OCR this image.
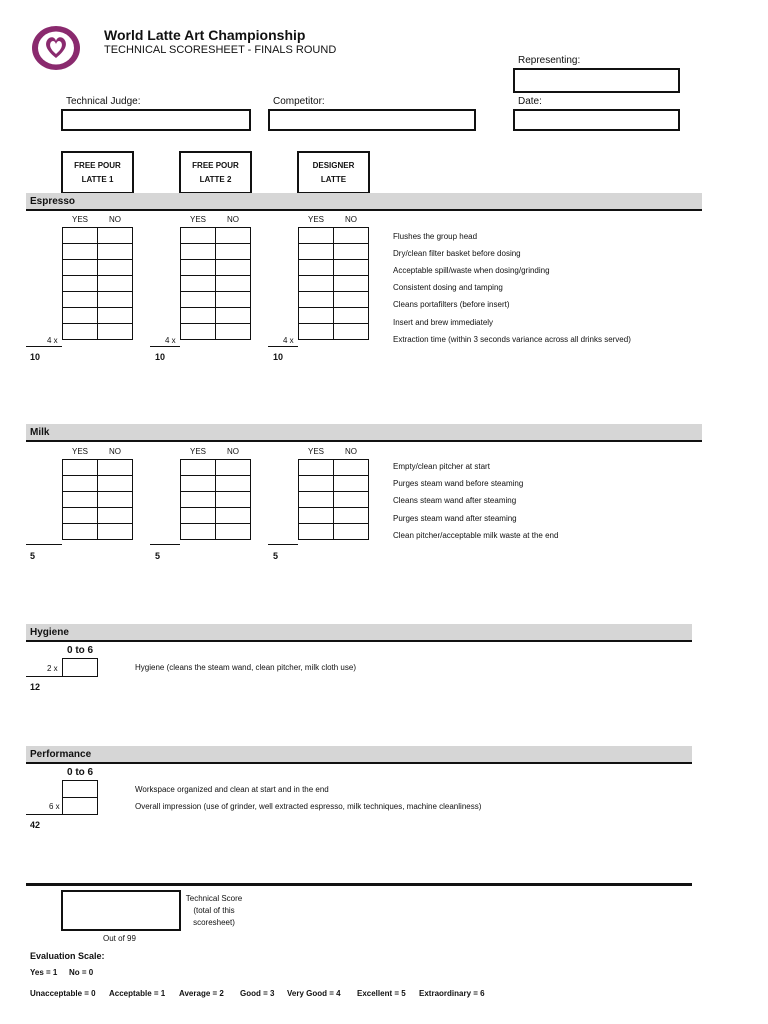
World Latte Art Championship
TECHNICAL SCORESHEET - FINALS ROUND
Representing:
Technical Judge:	Competitor:	Date:
FREE POUR
LATTE 1
FREE POUR
LATTE 2
DESIGNER
LATTE
Espresso
YES	NO	YES	NO	YES	NO

4 x	4 x	4 x
10	10	10
Flushes the group head
Dry/clean filter basket before dosing
Acceptable spill/waste when dosing/grinding
Consistent dosing and tamping
Cleans portafilters (before insert)
Insert and brew immediately
Extraction time (within 3 seconds variance across all drinks served)
Milk
YES	NO	YES	NO	YES	NO

5	5	5
Empty/clean pitcher at start
Purges steam wand before steaming
Cleans steam wand after steaming
Purges steam wand after steaming
Clean pitcher/acceptable milk waste at the end
Hygiene
0 to 6
2 x
12
Hygiene (cleans the steam wand, clean pitcher, milk cloth use)
Performance
0 to 6
6 x
42
Workspace organized and clean at start and in the end
Overall impression (use of grinder, well extracted espresso, milk techniques, machine cleanliness)
Technical Score
(total of this
scoresheet)
Out of 99
Evaluation Scale:
Yes = 1 No = 0
Unacceptable = 0 Acceptable = 1 Average = 2 Good = 3 Very Good = 4 Excellent = 5 Extraordinary = 6
